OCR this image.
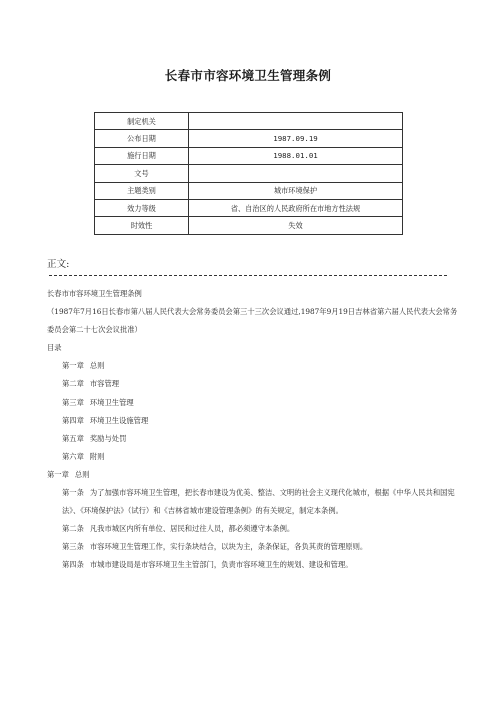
长春市市容环境卫生管理条例
制定机关	
公布日期	1987.09.19
施行日期	1988.01.01
文号	
主题类别	城市环境保护
效力等级	省、自治区的人民政府所在市地方性法规
时效性	失效
正文:
长春市市容环境卫生管理条例
（1987年7月16日长春市第八届人民代表大会常务委员会第三十三次会议通过,1987年9月19日吉林省第六届人民代表大会常务委员会第二十七次会议批准）
目录
第一章 总则
第二章 市容管理
第三章 环境卫生管理
第四章 环境卫生设施管理
第五章 奖励与处罚
第六章 附则
第一章 总则
第一条 为了加强市容环境卫生管理，把长春市建设为优美、整洁、文明的社会主义现代化城市，根据《中华人民共和国宪法》、《环境保护法》（试行）和《吉林省城市建设管理条例》的有关规定，制定本条例。
第二条 凡我市城区内所有单位、居民和过往人员，都必须遵守本条例。
第三条 市容环境卫生管理工作，实行条块结合，以块为主，条条保证，各负其责的管理原则。
第四条 市城市建设局是市容环境卫生主管部门，负责市容环境卫生的规划、建设和管理。
